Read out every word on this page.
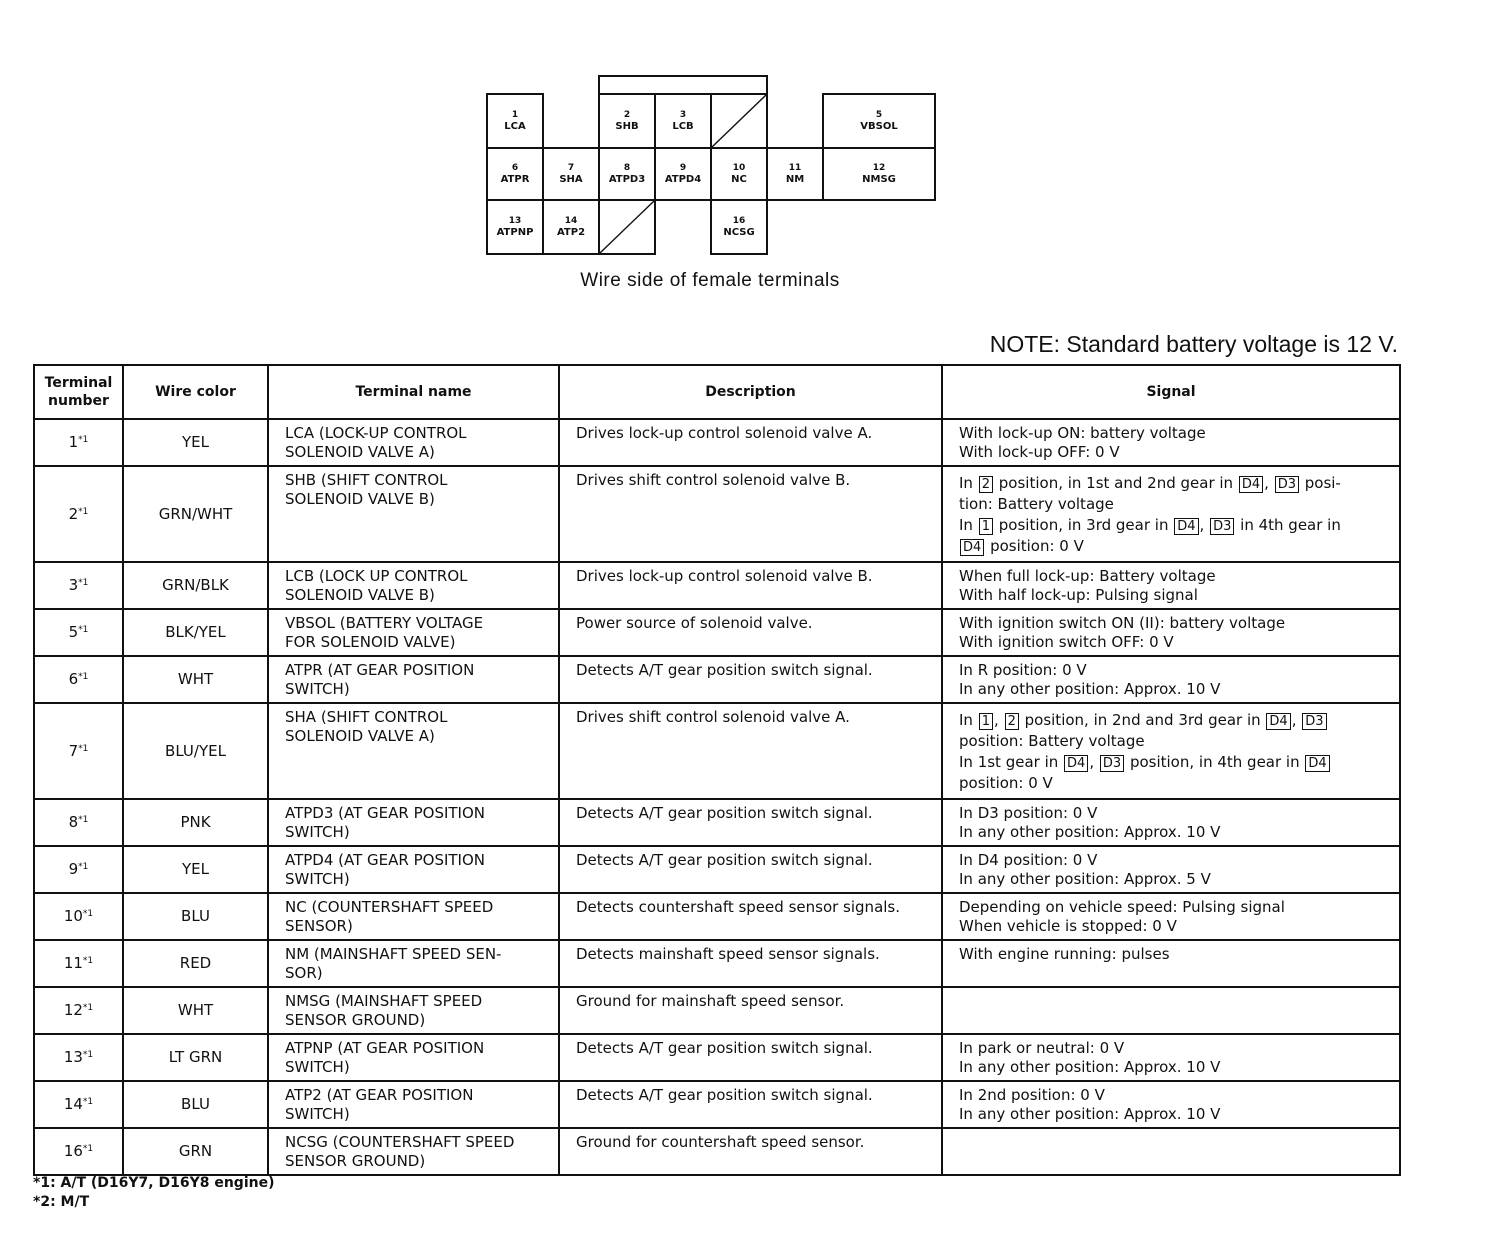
1
LCA
2
SHB
3
LCB
5
VBSOL
6
ATPR
7
SHA
8
ATPD3
9
ATPD4
10
NC
11
NM
12
NMSG
13
ATPNP
14
ATP2
16
NCSG
Wire side of female terminals
NOTE: Standard battery voltage is 12 V.
Terminal
number	Wire color	Terminal name	Description	Signal
1$^{*1}$	YEL	LCA (LOCK-UP CONTROL
SOLENOID VALVE A)	Drives lock-up control solenoid valve A.	With lock-up ON: battery voltage
With lock-up OFF: 0 V
2$^{*1}$	GRN/WHT	SHB (SHIFT CONTROL
SOLENOID VALVE B)	Drives shift control solenoid valve B.	In 2 position, in 1st and 2nd gear in D4 , D3 posi-
tion: Battery voltage
In 1 position, in 3rd gear in D4 , D3 in 4th gear in
D4 position: 0 V
3$^{*1}$	GRN/BLK	LCB (LOCK UP CONTROL
SOLENOID VALVE B)	Drives lock-up control solenoid valve B.	When full lock-up: Battery voltage
With half lock-up: Pulsing signal
5$^{*1}$	BLK/YEL	VBSOL (BATTERY VOLTAGE
FOR SOLENOID VALVE)	Power source of solenoid valve.	With ignition switch ON (II): battery voltage
With ignition switch OFF: 0 V
6$^{*1}$	WHT	ATPR (AT GEAR POSITION
SWITCH)	Detects A/T gear position switch signal.	In R position: 0 V
In any other position: Approx. 10 V
7$^{*1}$	BLU/YEL	SHA (SHIFT CONTROL
SOLENOID VALVE A)	Drives shift control solenoid valve A.	In 1 , 2 position, in 2nd and 3rd gear in D4 , D3
position: Battery voltage
In 1st gear in D4 , D3 position, in 4th gear in D4
position: 0 V
8$^{*1}$	PNK	ATPD3 (AT GEAR POSITION
SWITCH)	Detects A/T gear position switch signal.	In D3 position: 0 V
In any other position: Approx. 10 V
9$^{*1}$	YEL	ATPD4 (AT GEAR POSITION
SWITCH)	Detects A/T gear position switch signal.	In D4 position: 0 V
In any other position: Approx. 5 V
10$^{*1}$	BLU	NC (COUNTERSHAFT SPEED
SENSOR)	Detects countershaft speed sensor signals.	Depending on vehicle speed: Pulsing signal
When vehicle is stopped: 0 V
11$^{*1}$	RED	NM (MAINSHAFT SPEED SEN-
SOR)	Detects mainshaft speed sensor signals.	With engine running: pulses
12$^{*1}$	WHT	NMSG (MAINSHAFT SPEED
SENSOR GROUND)	Ground for mainshaft speed sensor.	
13$^{*1}$	LT GRN	ATPNP (AT GEAR POSITION
SWITCH)	Detects A/T gear position switch signal.	In park or neutral: 0 V
In any other position: Approx. 10 V
14$^{*1}$	BLU	ATP2 (AT GEAR POSITION
SWITCH)	Detects A/T gear position switch signal.	In 2nd position: 0 V
In any other position: Approx. 10 V
16$^{*1}$	GRN	NCSG (COUNTERSHAFT SPEED
SENSOR GROUND)	Ground for countershaft speed sensor.	
*1: A/T (D16Y7, D16Y8 engine)
*2: M/T
